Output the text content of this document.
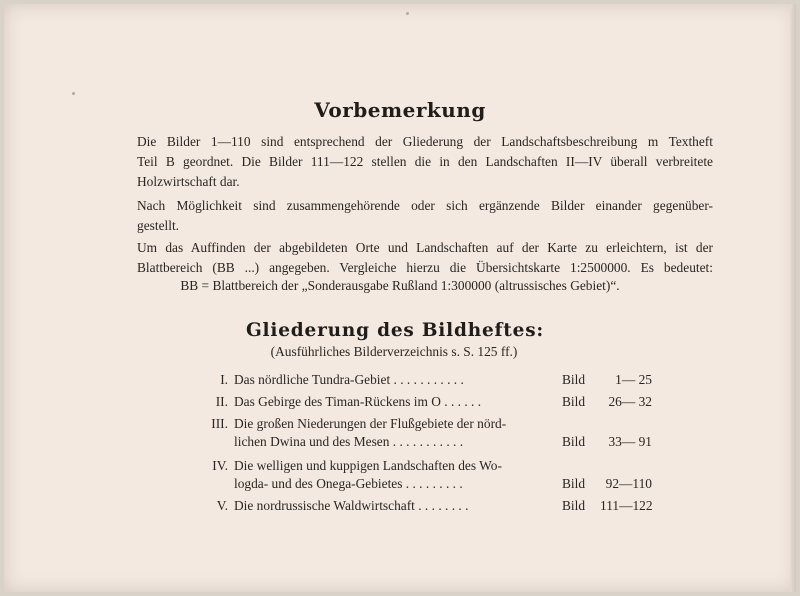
Vorbemerkung
Die Bilder 1—110 sind entsprechend der Gliederung der Landschaftsbeschreibung m Textheft
Teil B geordnet. Die Bilder 111—122 stellen die in den Landschaften II—IV überall verbreitete
Holzwirtschaft dar.
Nach Möglichkeit sind zusammengehörende oder sich ergänzende Bilder einander gegenüber-
gestellt.
Um das Auffinden der abgebildeten Orte und Landschaften auf der Karte zu erleichtern, ist der
Blattbereich (BB ...) angegeben. Vergleiche hierzu die Übersichtskarte 1:2500000. Es bedeutet:
BB = Blattbereich der „Sonderausgabe Rußland 1:300000 (altrussisches Gebiet)“.
Gliederung des Bildheftes:
(Ausführliches Bilderverzeichnis s. S. 125 ff.)
I. Das nördliche Tundra-Gebiet . . . . . . . . . . .	Bild	1— 25
II. Das Gebirge des Timan-Rückens im O . . . . . .	Bild	26— 32
III. Die großen Niederungen der Flußgebiete der nörd-
lichen Dwina und des Mesen . . . . . . . . . . .	Bild	33— 91
IV. Die welligen und kuppigen Landschaften des Wo-
logda- und des Onega-Gebietes . . . . . . . . .	Bild	92—110
V. Die nordrussische Waldwirtschaft . . . . . . . .	Bild 111—122
